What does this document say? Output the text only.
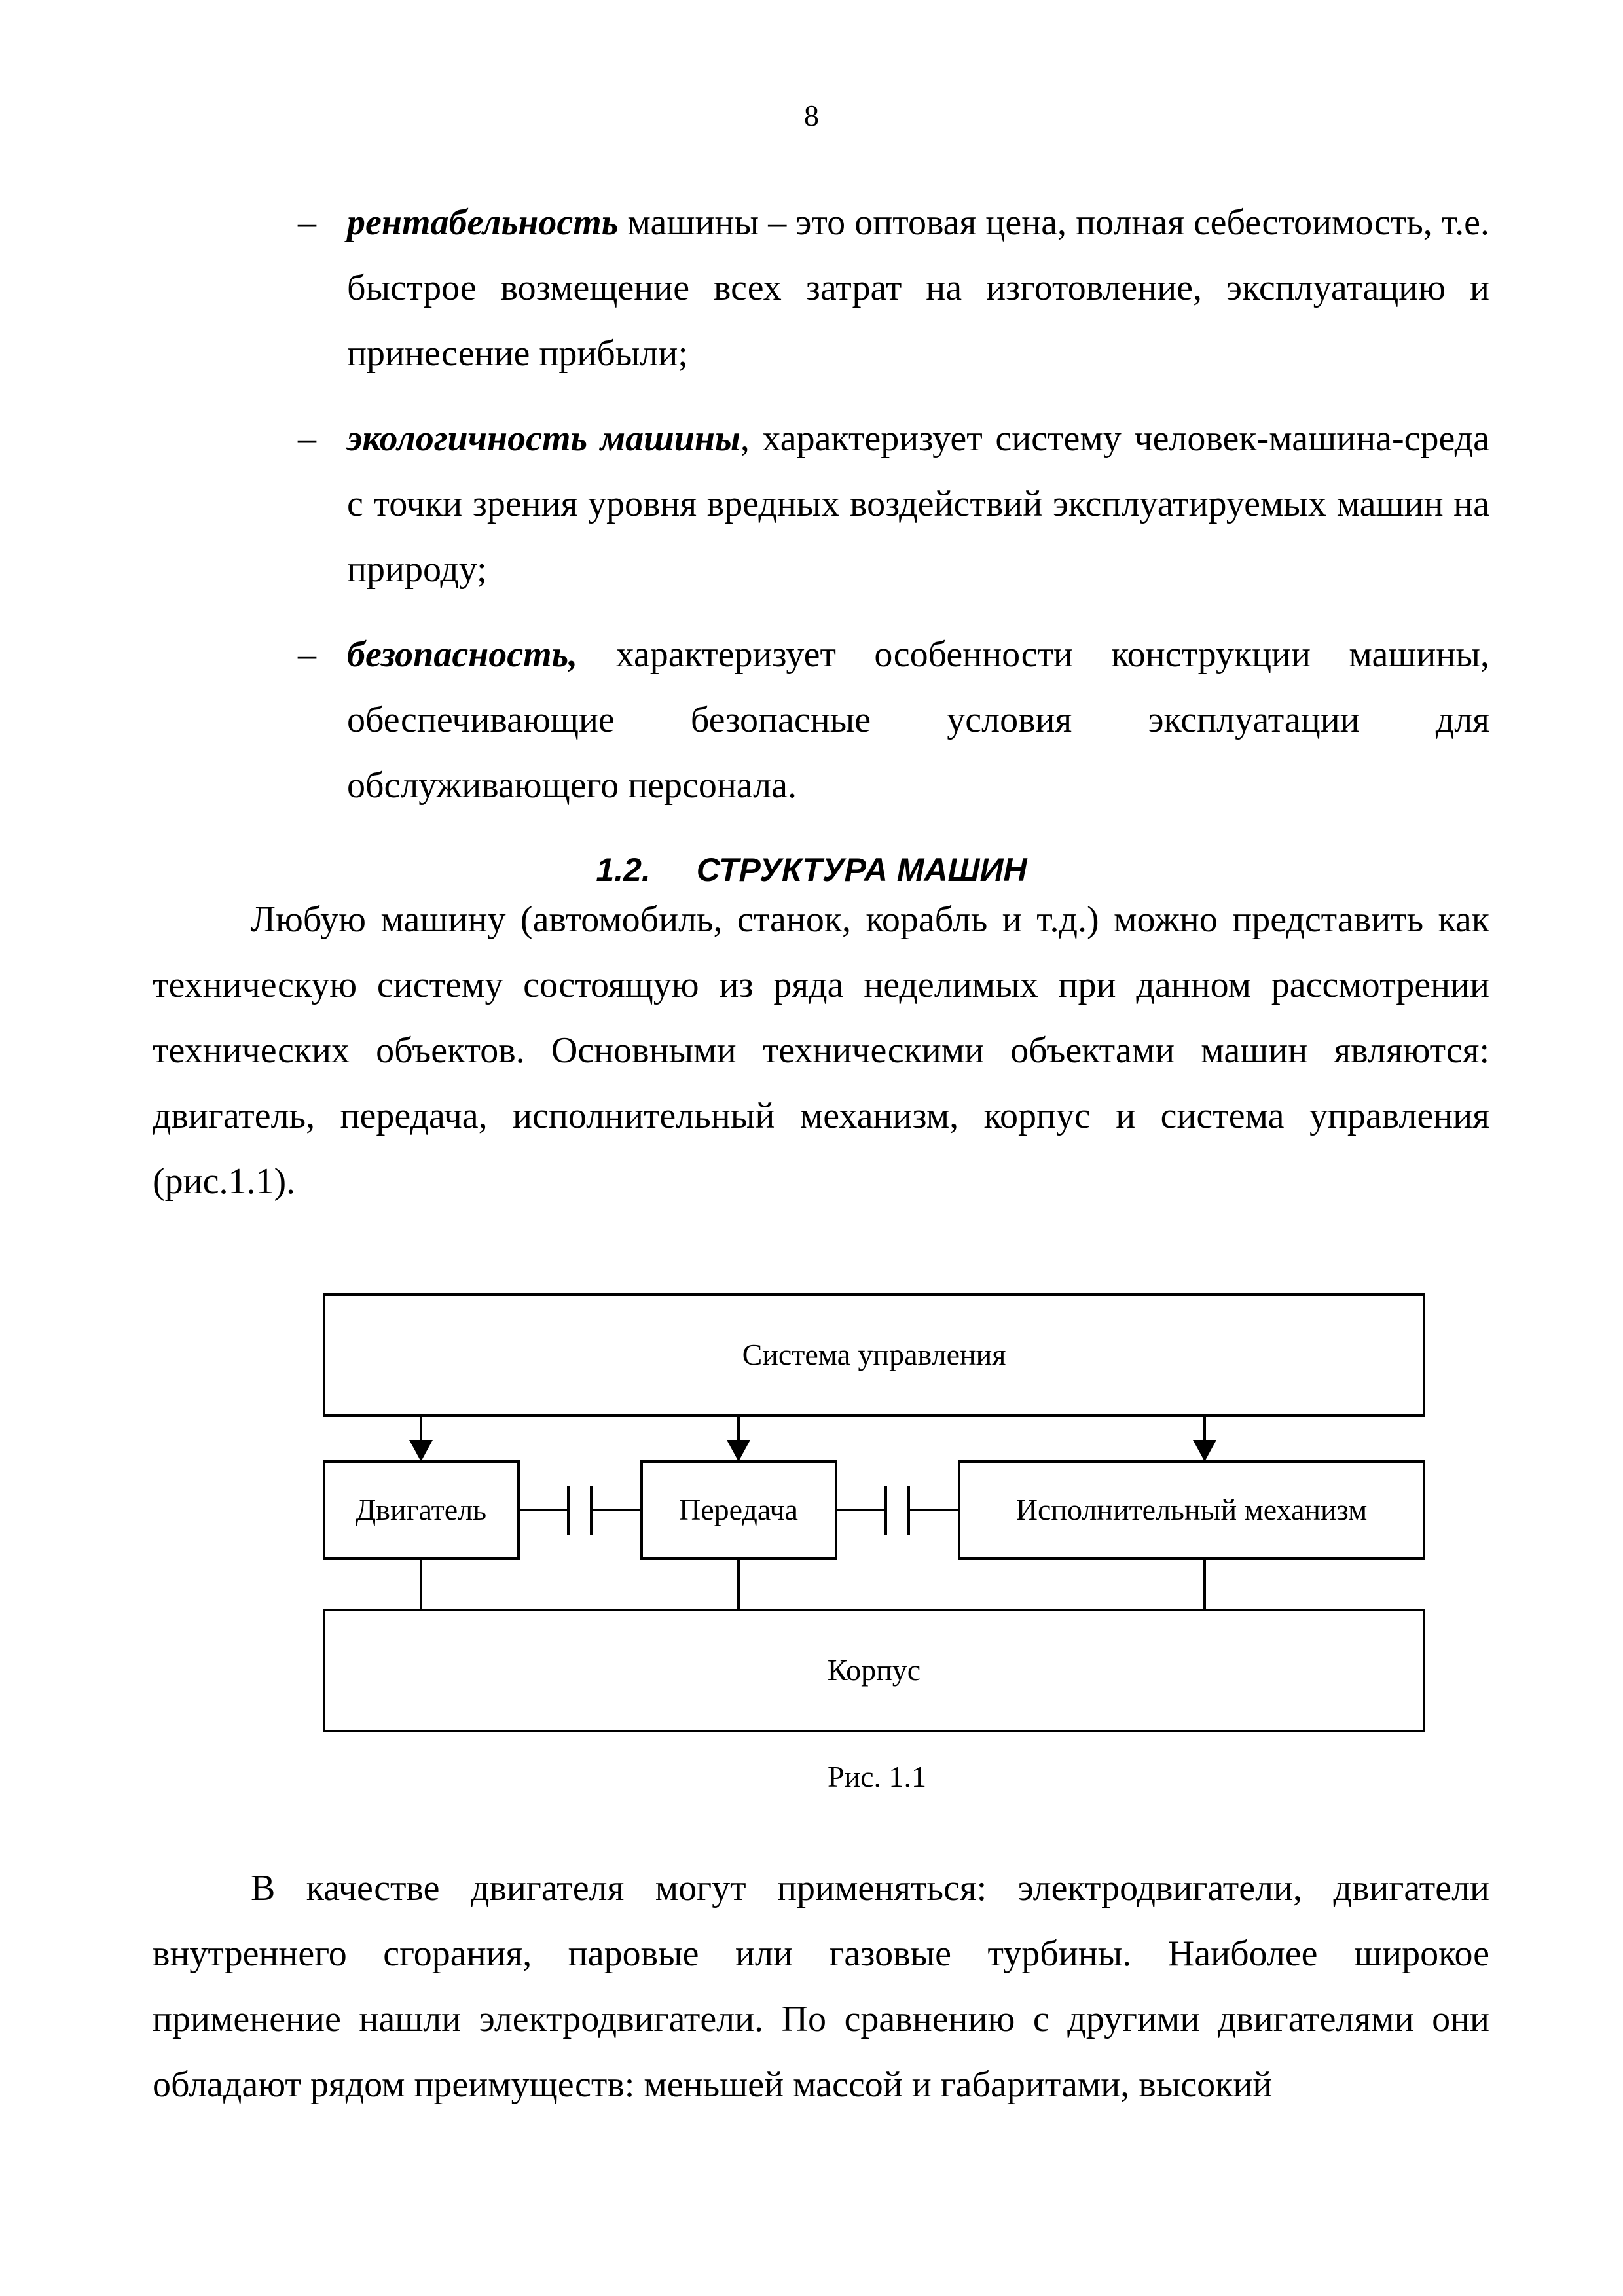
8
– рентабельность машины – это оптовая цена, полная себестоимость, т.е. быстрое возмещение всех затрат на изготовление, эксплуатацию и принесение прибыли;
– экологичность машины, характеризует систему человек-машина-среда с точки зрения уровня вредных воздействий эксплуатируемых машин на природу;
– безопасность, характеризует особенности конструкции машины, обеспечивающие безопасные условия эксплуатации для обслуживающего персонала.
1.2. СТРУКТУРА МАШИН

Любую машину (автомобиль, станок, корабль и т.д.) можно представить как техническую систему состоящую из ряда неделимых при данном рассмотрении технических объектов. Основными техническими объектами машин являются: двигатель, передача, исполнительный механизм, корпус и система управления (рис.1.1).

Система управления
Двигатель	Передача	Исполнительный механизм
Корпус
Рис. 1.1

В качестве двигателя могут применяться: электродвигатели, двигатели внутреннего сгорания, паровые или газовые турбины. Наиболее широкое применение нашли электродвигатели. По сравнению с другими двигателями они обладают рядом преимуществ: меньшей массой и габаритами, высокий
